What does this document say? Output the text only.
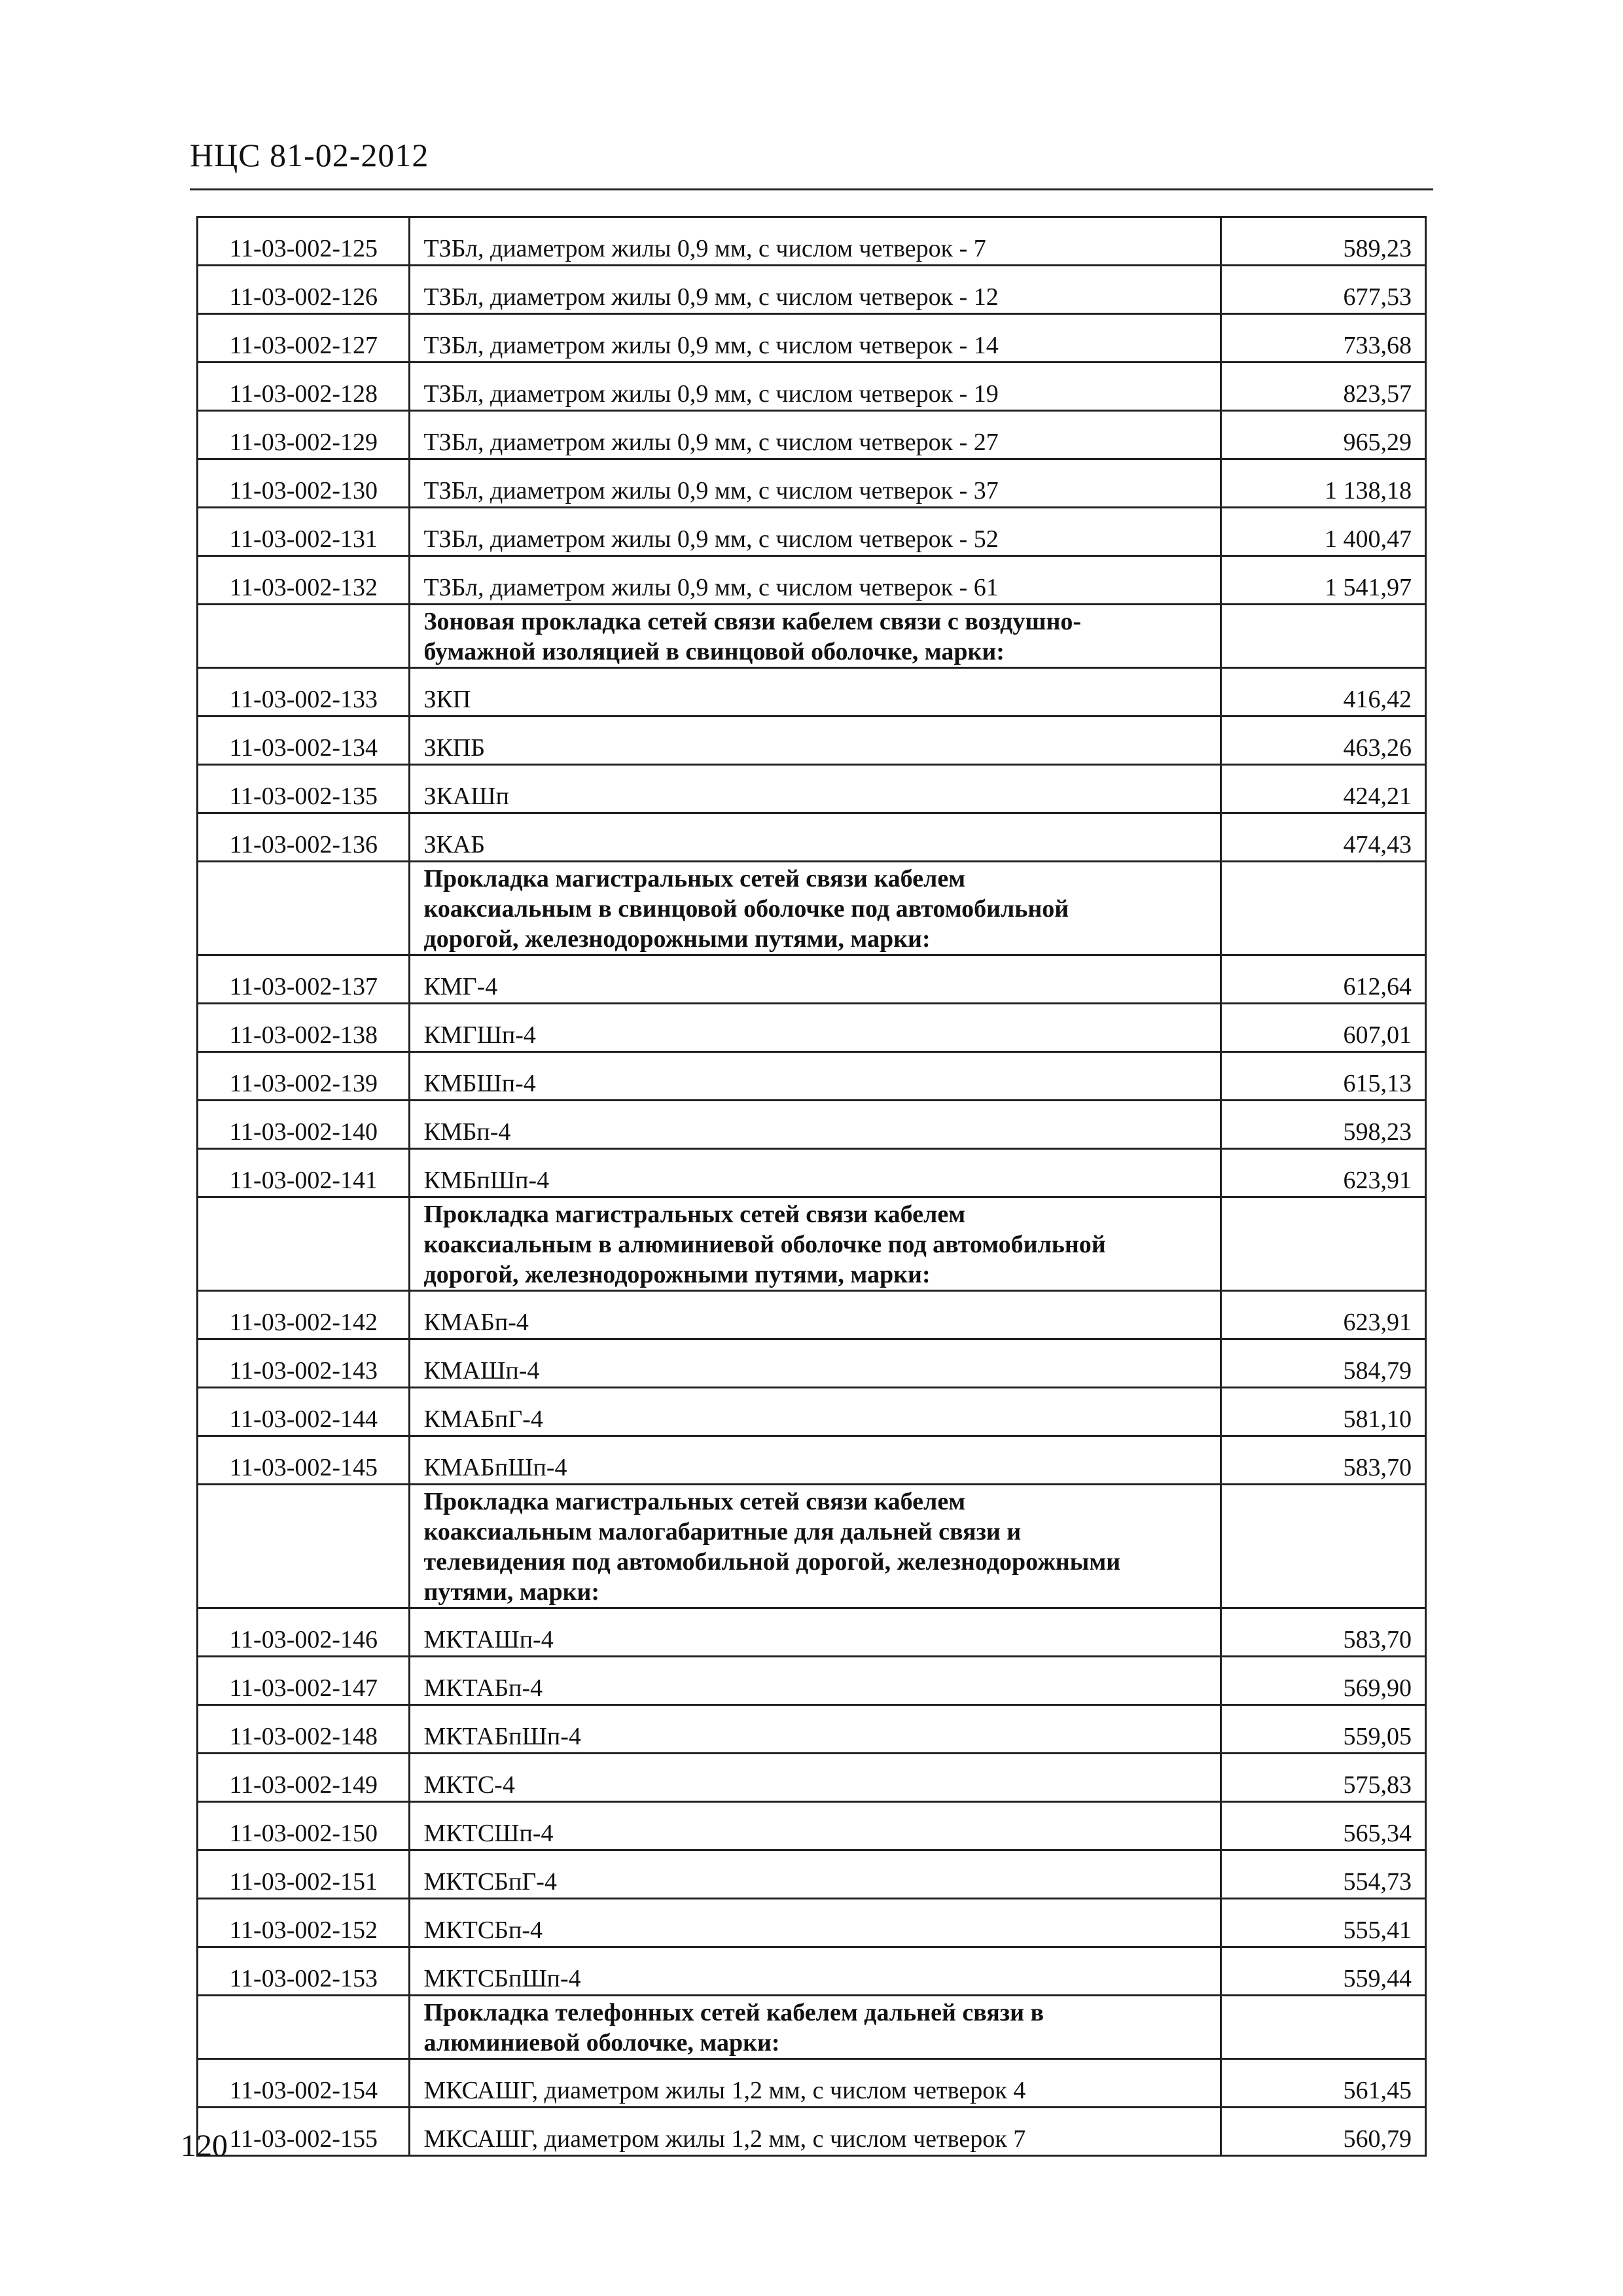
НЦС 81-02-2012
11-03-002-125	ТЗБл, диаметром жилы 0,9 мм, с числом четверок - 7	589,23
11-03-002-126	ТЗБл, диаметром жилы 0,9 мм, с числом четверок - 12	677,53
11-03-002-127	ТЗБл, диаметром жилы 0,9 мм, с числом четверок - 14	733,68
11-03-002-128	ТЗБл, диаметром жилы 0,9 мм, с числом четверок - 19	823,57
11-03-002-129	ТЗБл, диаметром жилы 0,9 мм, с числом четверок - 27	965,29
11-03-002-130	ТЗБл, диаметром жилы 0,9 мм, с числом четверок - 37	1 138,18
11-03-002-131	ТЗБл, диаметром жилы 0,9 мм, с числом четверок - 52	1 400,47
11-03-002-132	ТЗБл, диаметром жилы 0,9 мм, с числом четверок - 61	1 541,97

	Зоновая прокладка сетей связи кабелем связи с воздушно-
бумажной изоляцией в свинцовой оболочке, марки:	

11-03-002-133	ЗКП	416,42
11-03-002-134	ЗКПБ	463,26
11-03-002-135	ЗКАШп	424,21
11-03-002-136	ЗКАБ	474,43

	Прокладка магистральных сетей связи кабелем
коаксиальным в свинцовой оболочке под автомобильной
дорогой, железнодорожными путями, марки:	

11-03-002-137	КМГ-4	612,64
11-03-002-138	КМГШп-4	607,01
11-03-002-139	КМБШп-4	615,13
11-03-002-140	КМБп-4	598,23
11-03-002-141	КМБпШп-4	623,91

	Прокладка магистральных сетей связи кабелем
коаксиальным в алюминиевой оболочке под автомобильной
дорогой, железнодорожными путями, марки:	

11-03-002-142	КМАБп-4	623,91
11-03-002-143	КМАШп-4	584,79
11-03-002-144	КМАБпГ-4	581,10
11-03-002-145	КМАБпШп-4	583,70

	Прокладка магистральных сетей связи кабелем
коаксиальным малогабаритные для дальней связи и
телевидения под автомобильной дорогой, железнодорожными
путями, марки:	

11-03-002-146	МКТАШп-4	583,70
11-03-002-147	МКТАБп-4	569,90
11-03-002-148	МКТАБпШп-4	559,05
11-03-002-149	МКТС-4	575,83
11-03-002-150	МКТСШп-4	565,34
11-03-002-151	МКТСБпГ-4	554,73
11-03-002-152	МКТСБп-4	555,41
11-03-002-153	МКТСБпШп-4	559,44

	Прокладка телефонных сетей кабелем дальней связи в
алюминиевой оболочке, марки:	

11-03-002-154	МКСАШГ, диаметром жилы 1,2 мм, с числом четверок 4	561,45
11-03-002-155	МКСАШГ, диаметром жилы 1,2 мм, с числом четверок 7	560,79
120
